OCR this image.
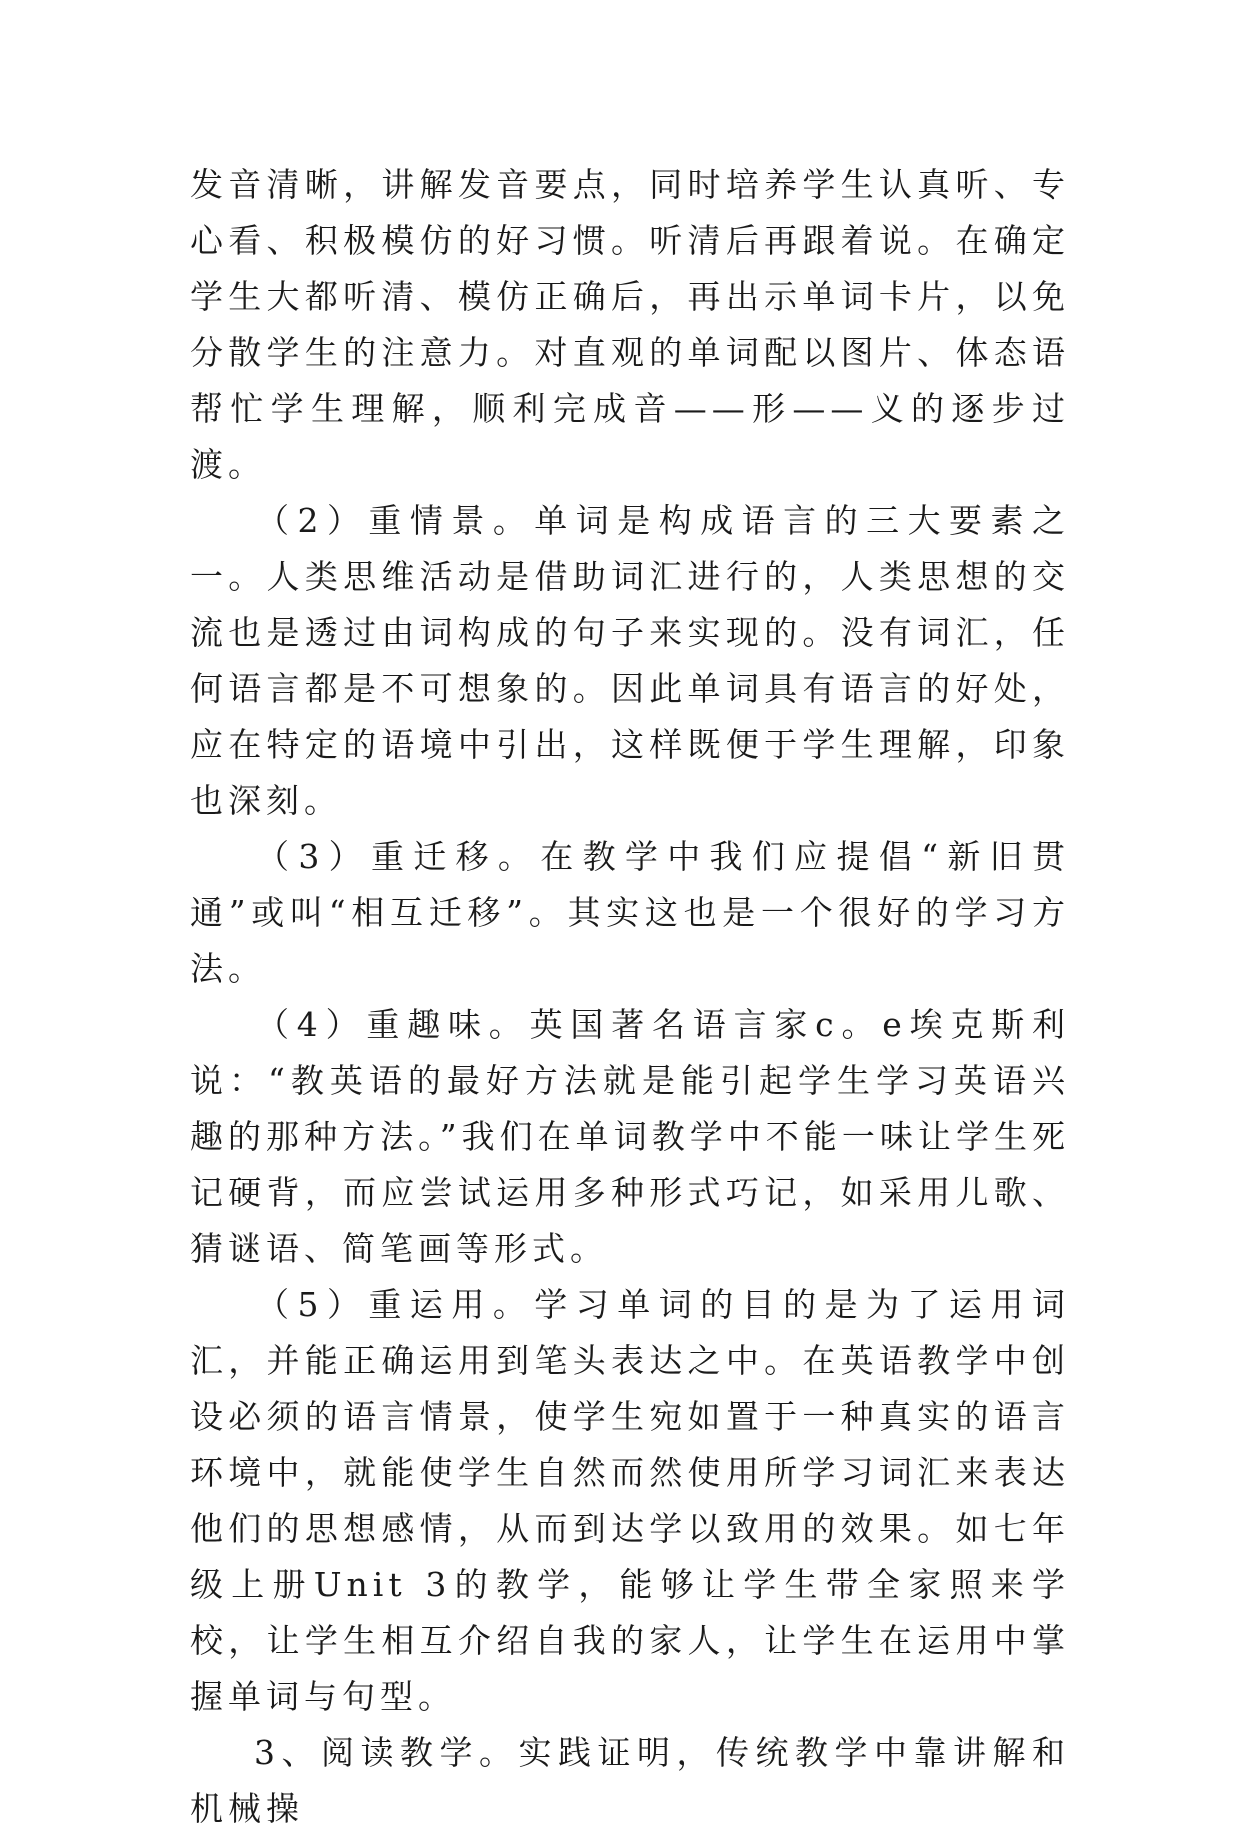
发音清晰，讲解发音要点，同时培养学生认真听、专心看、积极模仿的好习惯。听清后再跟着说。在确定学生大都听清、模仿正确后，再出示单词卡片，以免分散学生的注意力。对直观的单词配以图片、体态语帮忙学生理解，顺利完成音——形——义的逐步过渡。

（2）重情景。单词是构成语言的三大要素之一。人类思维活动是借助词汇进行的，人类思想的交流也是透过由词构成的句子来实现的。没有词汇，任何语言都是不可想象的。因此单词具有语言的好处，应在特定的语境中引出，这样既便于学生理解，印象也深刻。

（3）重迁移。在教学中我们应提倡“新旧贯通”或叫“相互迁移”。其实这也是一个很好的学习方法。

（4）重趣味。英国著名语言家c。e埃克斯利说：“教英语的最好方法就是能引起学生学习英语兴趣的那种方法。”我们在单词教学中不能一味让学生死记硬背，而应尝试运用多种形式巧记，如采用儿歌、猜谜语、简笔画等形式。

（5）重运用。学习单词的目的是为了运用词汇，并能正确运用到笔头表达之中。在英语教学中创设必须的语言情景，使学生宛如置于一种真实的语言环境中，就能使学生自然而然使用所学习词汇来表达他们的思想感情，从而到达学以致用的效果。如七年级上册Unit 3的教学，能够让学生带全家照来学校，让学生相互介绍自我的家人，让学生在运用中掌握单词与句型。

3、阅读教学。实践证明，传统教学中靠讲解和机械操
